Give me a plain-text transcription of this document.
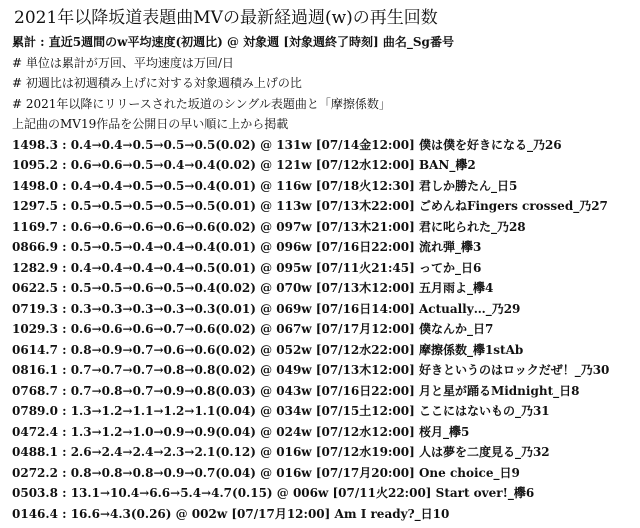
2021年以降坂道表題曲MVの最新経過週(w)の再生回数
累計 : 直近5週間のw平均速度(初週比) @ 対象週 [対象週終了時刻] 曲名_Sg番号
# 単位は累計が万回、平均速度は万回/日
# 初週比は初週積み上げに対する対象週積み上げの比
# 2021年以降にリリースされた坂道のシングル表題曲と「摩擦係数」
上記曲のMV19作品を公開日の早い順に上から掲載
1498.3 : 0.4→0.4→0.5→0.5→0.5(0.02) @ 131w [07/14金12:00] 僕は僕を好きになる_乃26
1095.2 : 0.6→0.6→0.5→0.4→0.4(0.02) @ 121w [07/12水12:00] BAN_欅2
1498.0 : 0.4→0.4→0.5→0.5→0.4(0.01) @ 116w [07/18火12:30] 君しか勝たん_日5
1297.5 : 0.5→0.5→0.5→0.5→0.5(0.01) @ 113w [07/13木22:00] ごめんねFingers crossed_乃27
1169.7 : 0.6→0.6→0.6→0.6→0.6(0.02) @ 097w [07/13木21:00] 君に叱られた_乃28
0866.9 : 0.5→0.5→0.4→0.4→0.4(0.01) @ 096w [07/16日22:00] 流れ弾_欅3
1282.9 : 0.4→0.4→0.4→0.4→0.5(0.01) @ 095w [07/11火21:45] ってか_日6
0622.5 : 0.5→0.5→0.6→0.5→0.4(0.02) @ 070w [07/13木12:00] 五月雨よ_欅4
0719.3 : 0.3→0.3→0.3→0.3→0.3(0.01) @ 069w [07/16日14:00] Actually…_乃29
1029.3 : 0.6→0.6→0.6→0.7→0.6(0.02) @ 067w [07/17月12:00] 僕なんか_日7
0614.7 : 0.8→0.9→0.7→0.6→0.6(0.02) @ 052w [07/12水22:00] 摩擦係数_欅1stAb
0816.1 : 0.7→0.7→0.7→0.8→0.8(0.02) @ 049w [07/13木12:00] 好きというのはロックだぜ！_乃30
0768.7 : 0.7→0.8→0.7→0.9→0.8(0.03) @ 043w [07/16日22:00] 月と星が踊るMidnight_日8
0789.0 : 1.3→1.2→1.1→1.2→1.1(0.04) @ 034w [07/15土12:00] ここにはないもの_乃31
0472.4 : 1.3→1.2→1.0→0.9→0.9(0.04) @ 024w [07/12水12:00] 桜月_欅5
0488.1 : 2.6→2.4→2.4→2.3→2.1(0.12) @ 016w [07/12水19:00] 人は夢を二度見る_乃32
0272.2 : 0.8→0.8→0.8→0.9→0.7(0.04) @ 016w [07/17月20:00] One choice_日9
0503.8 : 13.1→10.4→6.6→5.4→4.7(0.15) @ 006w [07/11火22:00] Start over!_欅6
0146.4 : 16.6→4.3(0.26) @ 002w [07/17月12:00] Am I ready?_日10
